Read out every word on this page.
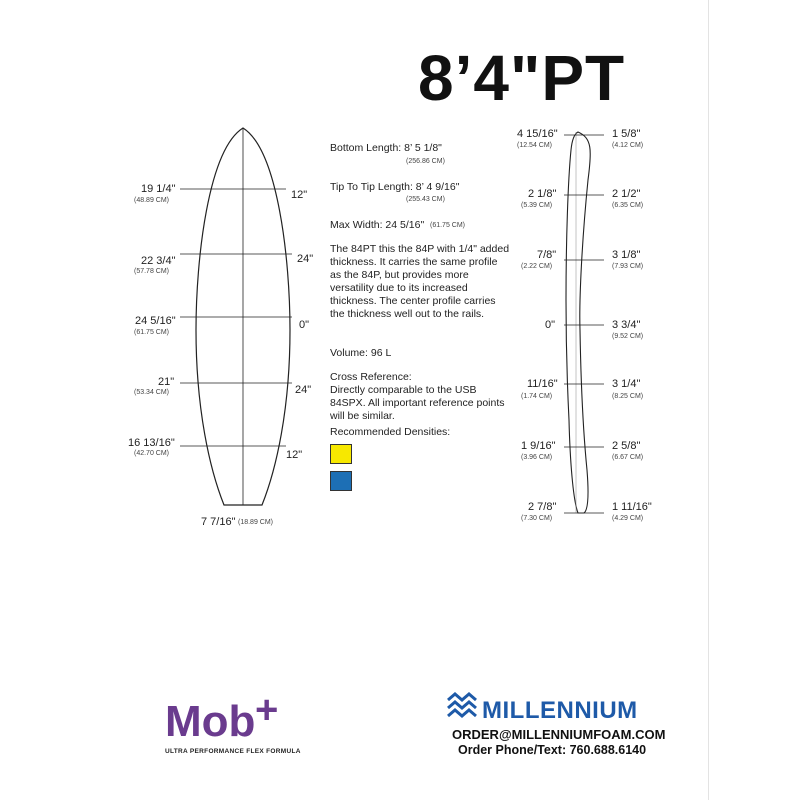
8’4"PT
19 1/4"
(48.89 CM)	12"
22 3/4"
(57.78 CM)
24"
24 5/16"
(61.75 CM)
0"
21"
(53.34 CM)	24"
16 13/16"
(42.70 CM)	12"
7 7/16" (18.89 CM)
Bottom Length: 8’ 5 1/8"
(256.86 CM)
Tip To Tip Length: 8’ 4 9/16"
(255.43 CM)
Max Width: 24 5/16" (61.75 CM)
The 84PT this the 84P with 1/4" added thickness. It carries the same profile as the 84P, but provides more versatility due to its increased thickness. The center profile carries the thickness well out to the rails.
Volume: 96 L
Cross Reference:
Directly comparable to the USB 84SPX. All important reference points will be similar.
Recommended Densities:
4 15/16"
(12.54 CM)
2 1/8"
(5.39 CM)
7/8"
(2.22 CM)
0"
11/16"
(1.74 CM)
1 9/16"
(3.96 CM)
2 7/8"
(7.30 CM)
1 5/8"
(4.12 CM)
2 1/2"
(6.35 CM)
3 1/8"
(7.93 CM)
3 3/4"
(9.52 CM)
3 1/4"
(8.25 CM)
2 5/8"
(6.67 CM)
1 11/16"
(4.29 CM)
Mob +
ULTRA PERFORMANCE FLEX FORMULA
MILLENNIUM
ORDER@MILLENNIUMFOAM.COM
Order Phone/Text: 760.688.6140
